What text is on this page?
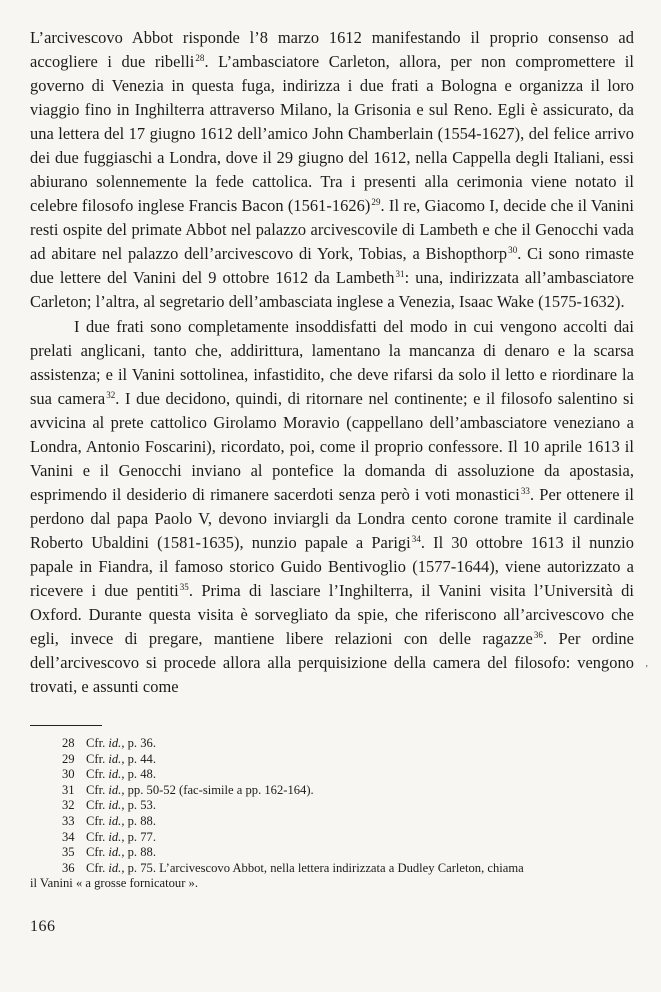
L’arcivescovo Abbot risponde l’8 marzo 1612 manifestando il proprio consenso ad accogliere i due ribelli$^{28}$. L’ambasciatore Carleton, allora, per non compromettere il governo di Venezia in questa fuga, indirizza i due frati a Bologna e organizza il loro viaggio fino in Inghilterra attraverso Milano, la Grisonia e sul Reno. Egli è assicurato, da una lettera del 17 giugno 1612 dell’amico John Chamberlain (1554-1627), del felice arrivo dei due fuggiaschi a Londra, dove il 29 giugno del 1612, nella Cappella degli Italiani, essi abiurano solennemente la fede cattolica. Tra i presenti alla cerimonia viene notato il celebre filosofo inglese Francis Bacon (1561-1626)$^{29}$. Il re, Giacomo I, decide che il Vanini resti ospite del primate Abbot nel palazzo arcivescovile di Lambeth e che il Genocchi vada ad abitare nel palazzo dell’arcivescovo di York, Tobias, a Bishopthorp$^{30}$. Ci sono rimaste due lettere del Vanini del 9 ottobre 1612 da Lambeth$^{31}$: una, indirizzata all’ambasciatore Carleton; l’altra, al segretario dell’ambasciata inglese a Venezia, Isaac Wake (1575-1632).

I due frati sono completamente insoddisfatti del modo in cui vengono accolti dai prelati anglicani, tanto che, addirittura, lamentano la mancanza di denaro e la scarsa assistenza; e il Vanini sottolinea, infastidito, che deve rifarsi da solo il letto e riordinare la sua camera$^{32}$. I due decidono, quindi, di ritornare nel continente; e il filosofo salentino si avvicina al prete cattolico Girolamo Moravio (cappellano dell’ambasciatore veneziano a Londra, Antonio Foscarini), ricordato, poi, come il proprio confessore. Il 10 aprile 1613 il Vanini e il Genocchi inviano al pontefice la domanda di assoluzione da apostasia, esprimendo il desiderio di rimanere sacerdoti senza però i voti monastici$^{33}$. Per ottenere il perdono dal papa Paolo V, devono inviargli da Londra cento corone tramite il cardinale Roberto Ubaldini (1581-1635), nunzio papale a Parigi$^{34}$. Il 30 ottobre 1613 il nunzio papale in Fiandra, il famoso storico Guido Bentivoglio (1577-1644), viene autorizzato a ricevere i due pentiti$^{35}$. Prima di lasciare l’Inghilterra, il Vanini visita l’Università di Oxford. Durante questa visita è sorvegliato da spie, che riferiscono all’arcivescovo che egli, invece di pregare, mantiene libere relazioni con delle ragazze$^{36}$. Per ordine dell’arcivescovo si procede allora alla perquisizione della camera del filosofo: vengono trovati, e assunti come

’
28 Cfr. id., p. 36.
29 Cfr. id., p. 44.
30 Cfr. id., p. 48.
31 Cfr. id., pp. 50-52 (fac-simile a pp. 162-164).
32 Cfr. id., p. 53.
33 Cfr. id., p. 88.
34 Cfr. id., p. 77.
35 Cfr. id., p. 88.
36 Cfr. id., p. 75. L’arcivescovo Abbot, nella lettera indirizzata a Dudley Carleton, chiama
il Vanini « a grosse fornicatour ».
166
